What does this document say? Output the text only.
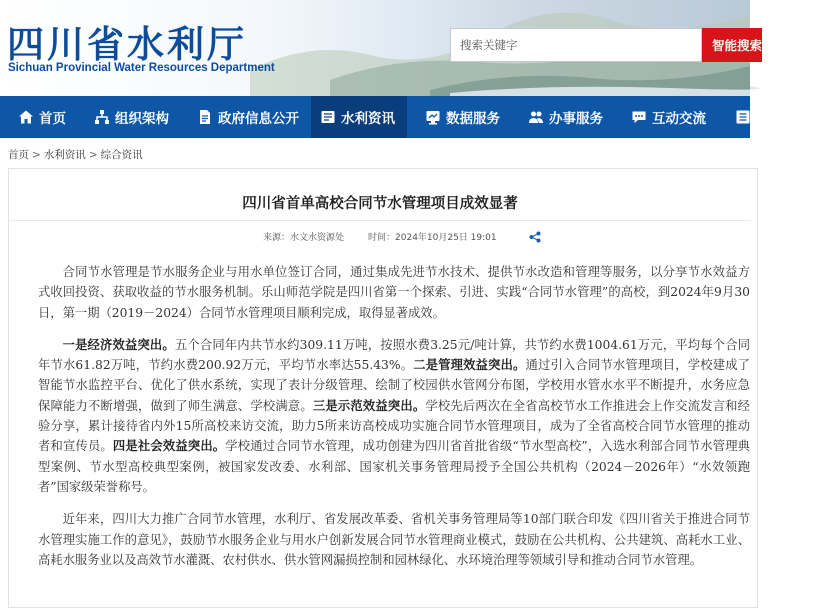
四川省水利厅
Sichuan Provincial Water Resources Department
搜索关键字
智能搜索
首页	组织架构	政府信息公开	水利资讯	数据服务	办事服务	互动交流	专题专栏
首页 > 水利资讯 > 综合资讯
四川省首单高校合同节水管理项目成效显著
来源：水文水资源处	时间：2024年10月25日 19:01

合同节水管理是节水服务企业与用水单位签订合同，通过集成先进节水技术、提供节水改造和管理等服务，以分享节水效益方式收回投资、获取收益的节水服务机制。乐山师范学院是四川省第一个探索、引进、实践“合同节水管理”的高校，到2024年9月30日，第一期（2019－2024）合同节水管理项目顺利完成，取得显著成效。

一是经济效益突出。五个合同年内共节水约309.11万吨，按照水费3.25元/吨计算，共节约水费1004.61万元，平均每个合同年节水61.82万吨，节约水费200.92万元，平均节水率达55.43%。二是管理效益突出。通过引入合同节水管理项目，学校建成了智能节水监控平台、优化了供水系统，实现了表计分级管理、绘制了校园供水管网分布图，学校用水管水水平不断提升，水务应急保障能力不断增强，做到了师生满意、学校满意。三是示范效益突出。学校先后两次在全省高校节水工作推进会上作交流发言和经验分享，累计接待省内外15所高校来访交流，助力5所来访高校成功实施合同节水管理项目，成为了全省高校合同节水管理的推动者和宣传员。四是社会效益突出。学校通过合同节水管理，成功创建为四川省首批省级“节水型高校”，入选水利部合同节水管理典型案例、节水型高校典型案例，被国家发改委、水利部、国家机关事务管理局授予全国公共机构（2024－2026年）“水效领跑者”国家级荣誉称号。

近年来，四川大力推广合同节水管理，水利厅、省发展改革委、省机关事务管理局等10部门联合印发《四川省关于推进合同节水管理实施工作的意见》，鼓励节水服务企业与用水户创新发展合同节水管理商业模式，鼓励在公共机构、公共建筑、高耗水工业、高耗水服务业以及高效节水灌溉、农村供水、供水管网漏损控制和园林绿化、水环境治理等领域引导和推动合同节水管理。
